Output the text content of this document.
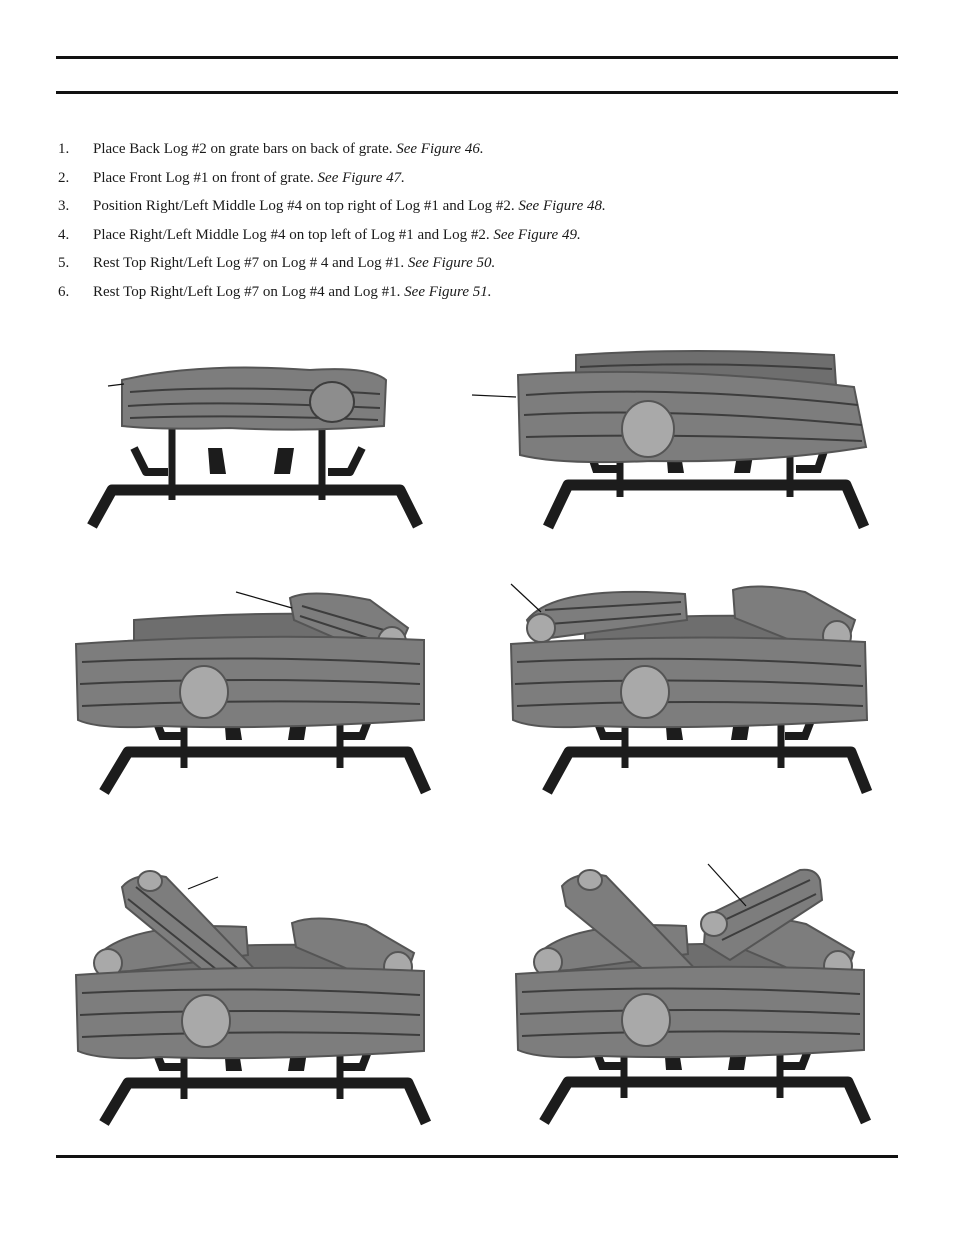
1. Place Back Log #2 on grate bars on back of grate. See Figure 46.
2. Place Front Log #1 on front of grate. See Figure 47.
3. Position Right/Left Middle Log #4 on top right of Log #1 and Log #2. See Figure 48.
4. Place Right/Left Middle Log #4 on top left of Log #1 and Log #2. See Figure 49.
5. Rest Top Right/Left Log #7 on Log # 4 and Log #1. See Figure 50.
6. Rest Top Right/Left Log #7 on Log #4 and Log #1. See Figure 51.
